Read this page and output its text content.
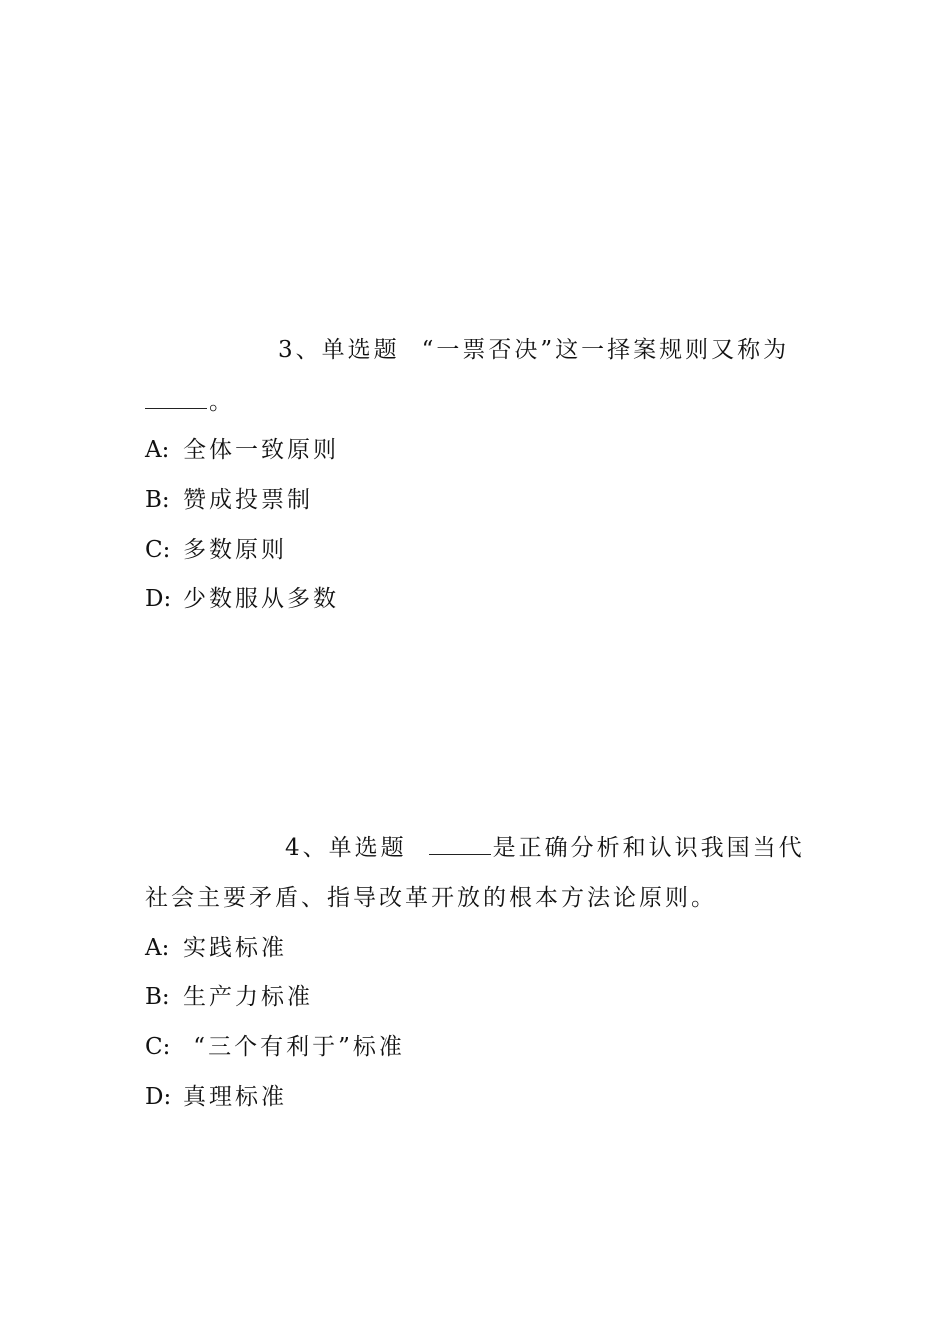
3、单选题 “一票否决”这一择案规则又称为
。
A: 全体一致原则
B: 赞成投票制
C: 多数原则
D: 少数服从多数
4、单选题	是正确分析和认识我国当代
社会主要矛盾、指导改革开放的根本方法论原则。
A: 实践标准
B: 生产力标准
C: “三个有利于”标准
D: 真理标准
